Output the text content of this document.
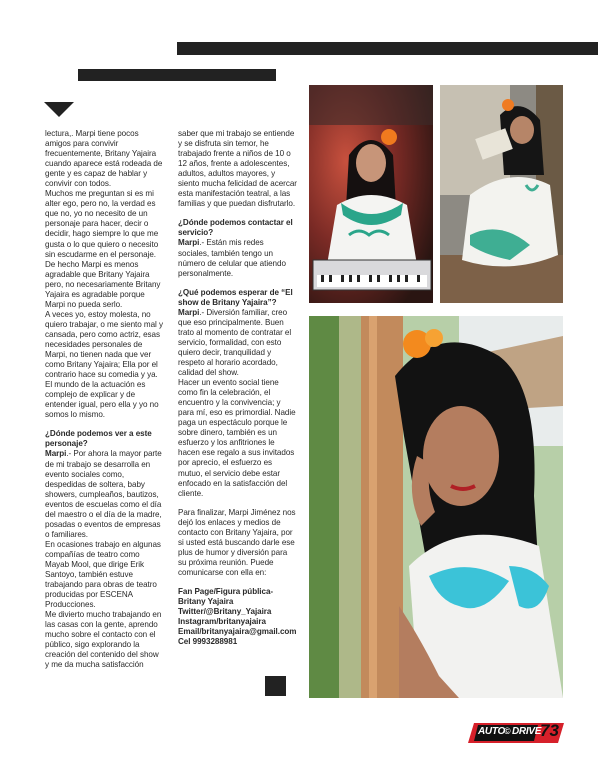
lectura,. Marpi tiene pocos

amigos para convivir

frecuentemente, Britany Yajaira

cuando aparece está rodeada de

gente y es capaz de hablar y

convivir con todos.

Muchos me preguntan si es mi

alter ego, pero no, la verdad es

que no, yo no necesito de un

personaje para hacer, decir o

decidir, hago siempre lo que me

gusta o lo que quiero o necesito

sin escudarme en el personaje.

De hecho Marpi es menos

agradable que Britany Yajaira

pero, no necesariamente Britany

Yajaira es agradable porque

Marpi no pueda serlo.

A veces yo, estoy molesta, no

quiero trabajar, o me siento mal y

cansada, pero como actriz, esas

necesidades personales de

Marpi, no tienen nada que ver

como Britany Yajaira; Ella por el

contrario hace su comedia y ya.

El mundo de la actuación es

complejo de explicar y de

entender igual, pero ella y yo no

somos lo mismo.

¿Dónde podemos ver a este

personaje?

Marpi.- Por ahora la mayor parte

de mi trabajo se desarrolla en

evento sociales como,

despedidas de soltera, baby

showers, cumpleaños, bautizos,

eventos de escuelas como el día

del maestro o el día de la madre,

posadas o eventos de empresas

o familiares.

En ocasiones trabajo en algunas

compañías de teatro como

Mayab Mool, que dirige Erik

Santoyo, también estuve

trabajando para obras de teatro

producidas por ESCENA

Producciones.

Me divierto mucho trabajando en

las casas con la gente, aprendo

mucho sobre el contacto con el

público, sigo explorando la

creación del contenido del show

y me da mucha satisfacción

saber que mi trabajo se entiende

y se disfruta sin temor, he

trabajado frente a niños de 10 o

12 años, frente a adolescentes,

adultos, adultos mayores, y

siento mucha felicidad de acercar

esta manifestación teatral, a las

familias y que puedan disfrutarlo.

¿Dónde podemos contactar el

servicio?

Marpi.- Están mis redes

sociales, también tengo un

número de celular que atiendo

personalmente.

¿Qué podemos esperar de “El

show de Britany Yajaira”?

Marpi.- Diversión familiar, creo

que eso principalmente. Buen

trato al momento de contratar el

servicio, formalidad, con esto

quiero decir, tranquilidad y

respeto al horario acordado,

calidad del show.

Hacer un evento social tiene

como fin la celebración, el

encuentro y la convivencia; y

para mí, eso es primordial. Nadie

paga un espectáculo porque le

sobre dinero, también es un

esfuerzo y los anfitriones le

hacen ese regalo a sus invitados

por aprecio, el esfuerzo es

mutuo, el servicio debe estar

enfocado en la satisfacción del

cliente.

Para finalizar, Marpi Jiménez nos

dejó los enlaces y medios de

contacto con Britany Yajaira, por

si usted está buscando darle ese

plus de humor y diversión para

su próxima reunión. Puede

comunicarse con ella en:

Fan Page/Figura pública-

Britany Yajaira

Twitter/@Britany_Yajaira

Instagram/britanyajaira

Email/britanyajaira@gmail.com

Cel 9993288981

AUTO © DRIVE
73
